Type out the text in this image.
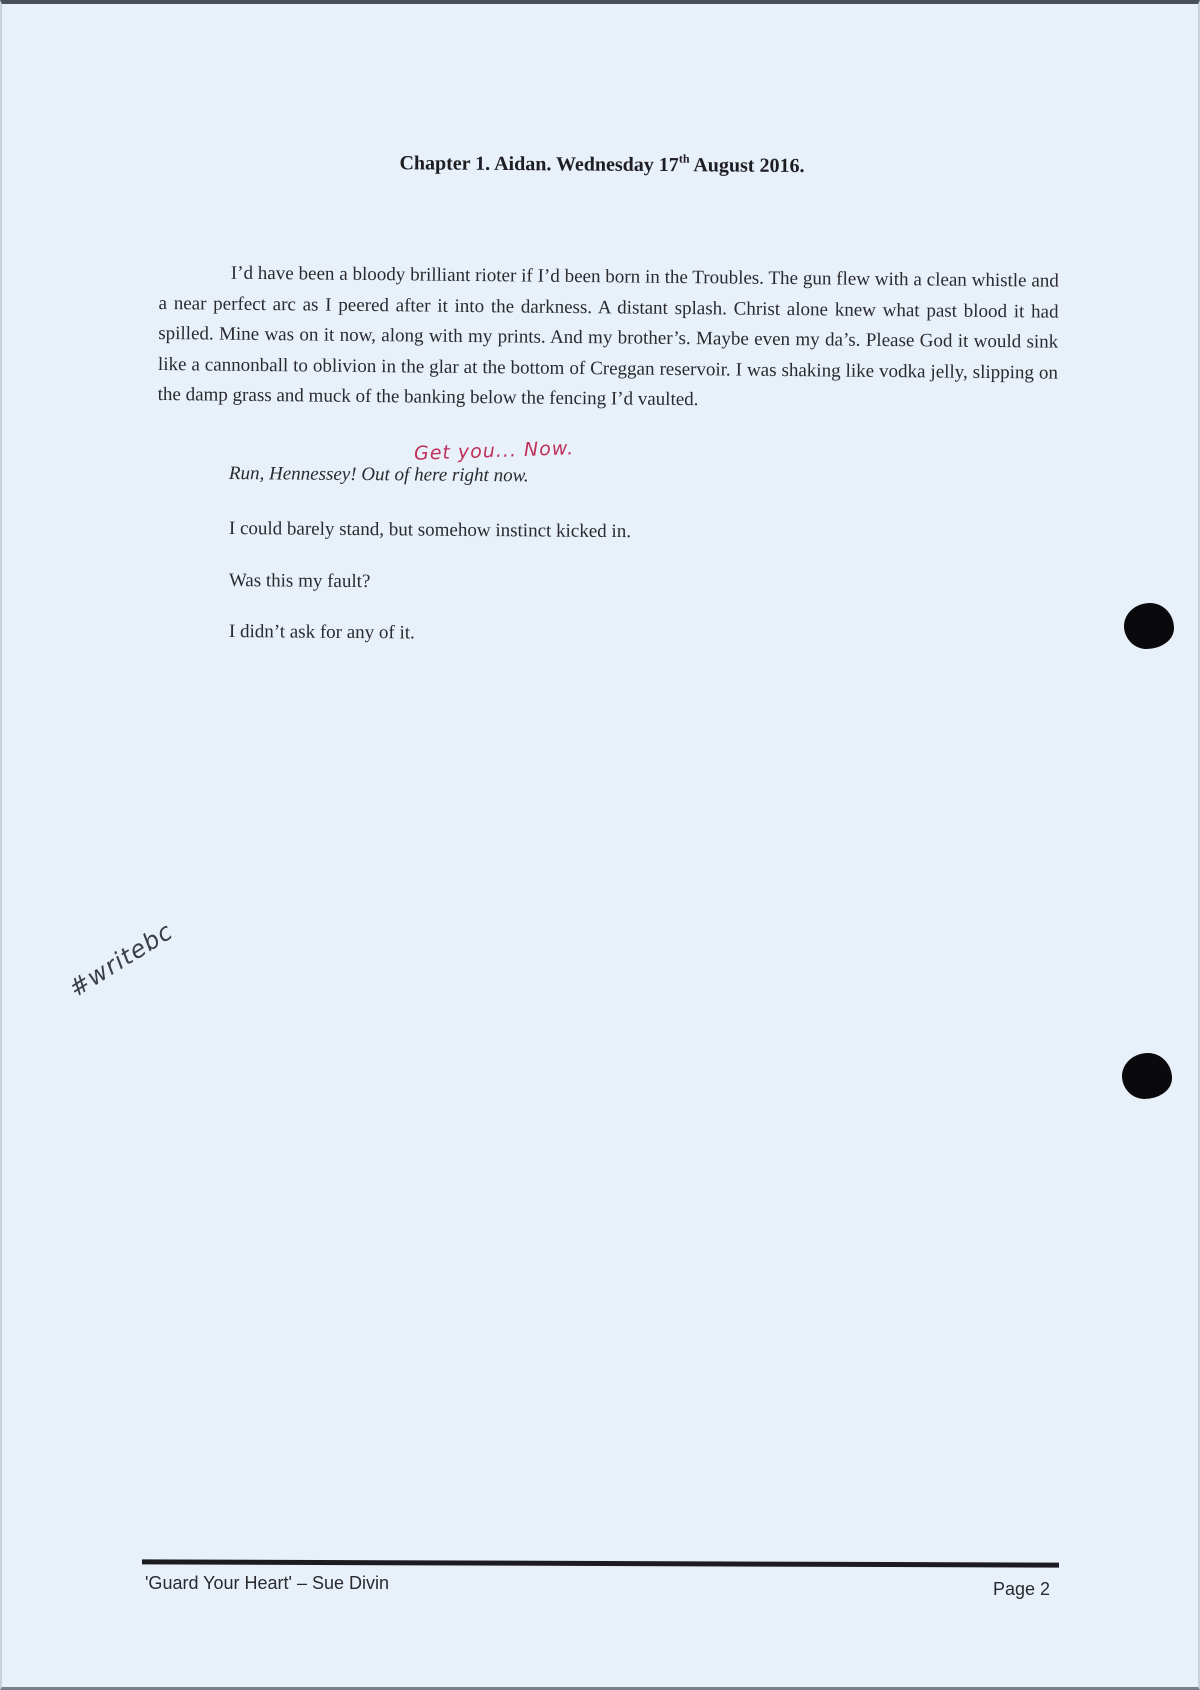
Chapter 1. Aidan. Wednesday 17th August 2016.
I’d have been a bloody brilliant rioter if I’d been born in the Troubles. The gun flew with a clean whistle and a near perfect arc as I peered after it into the darkness. A distant splash. Christ alone knew what past blood it had spilled. Mine was on it now, along with my prints. And my brother’s. Maybe even my da’s. Please God it would sink like a cannonball to oblivion in the glar at the bottom of Creggan reservoir. I was shaking like vodka jelly, slipping on the damp grass and muck of the banking below the fencing I’d vaulted.
Run, Hennessey! Out of here right now.
I could barely stand, but somehow instinct kicked in.
Was this my fault?
I didn’t ask for any of it.
Get you... Now.
#writebc
'Guard Your Heart' – Sue Divin	Page 2
